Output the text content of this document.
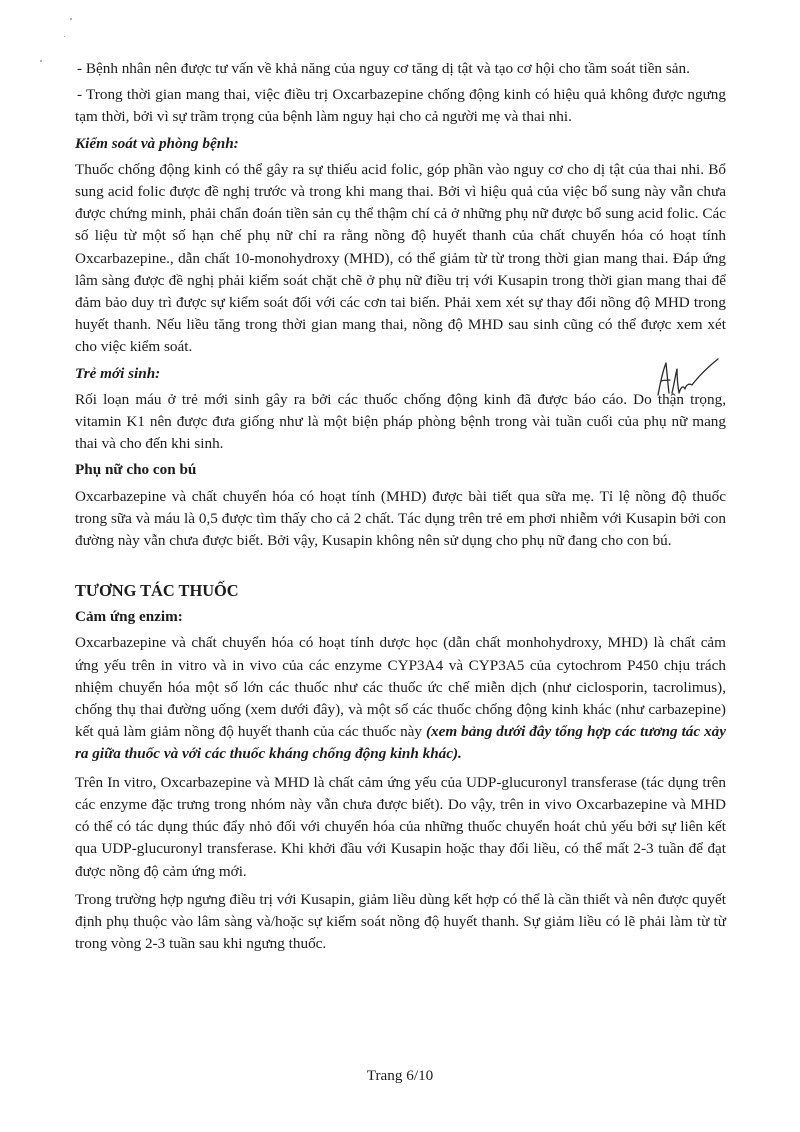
- Bệnh nhân nên được tư vấn về khả năng của nguy cơ tăng dị tật và tạo cơ hội cho tầm soát tiền sản.

- Trong thời gian mang thai, việc điều trị Oxcarbazepine chống động kinh có hiệu quả không được ngưng tạm thời, bởi vì sự trầm trọng của bệnh làm nguy hại cho cả người mẹ và thai nhi.

Kiểm soát và phòng bệnh:

Thuốc chống động kinh có thể gây ra sự thiếu acid folic, góp phần vào nguy cơ cho dị tật của thai nhi. Bổ sung acid folic được đề nghị trước và trong khi mang thai. Bởi vì hiệu quả của việc bổ sung này vẫn chưa được chứng minh, phải chẩn đoán tiền sản cụ thể thậm chí cả ở những phụ nữ được bổ sung acid folic. Các số liệu từ một số hạn chế phụ nữ chỉ ra rằng nồng độ huyết thanh của chất chuyển hóa có hoạt tính Oxcarbazepine., dẫn chất 10-monohydroxy (MHD), có thể giảm từ từ trong thời gian mang thai. Đáp ứng lâm sàng được đề nghị phải kiểm soát chặt chẽ ở phụ nữ điều trị với Kusapin trong thời gian mang thai để đảm bảo duy trì được sự kiểm soát đối với các cơn tai biến. Phải xem xét sự thay đổi nồng độ MHD trong huyết thanh. Nếu liều tăng trong thời gian mang thai, nồng độ MHD sau sinh cũng có thể được xem xét cho việc kiểm soát.

Trẻ mới sinh:

Rối loạn máu ở trẻ mới sinh gây ra bởi các thuốc chống động kinh đã được báo cáo. Do thận trọng, vitamin K1 nên được đưa giống như là một biện pháp phòng bệnh trong vài tuần cuối của phụ nữ mang thai và cho đến khi sinh.

Phụ nữ cho con bú

Oxcarbazepine và chất chuyển hóa có hoạt tính (MHD) được bài tiết qua sữa mẹ. Tỉ lệ nồng độ thuốc trong sữa và máu là 0,5 được tìm thấy cho cả 2 chất. Tác dụng trên trẻ em phơi nhiễm với Kusapin bởi con đường này vẫn chưa được biết. Bởi vậy, Kusapin không nên sử dụng cho phụ nữ đang cho con bú.

TƯƠNG TÁC THUỐC
Cảm ứng enzim:

Oxcarbazepine và chất chuyển hóa có hoạt tính dược học (dẫn chất monhohydroxy, MHD) là chất cảm ứng yếu trên in vitro và in vivo của các enzyme CYP3A4 và CYP3A5 của cytochrom P450 chịu trách nhiệm chuyển hóa một số lớn các thuốc như các thuốc ức chế miễn dịch (như ciclosporin, tacrolimus), chống thụ thai đường uống (xem dưới đây), và một số các thuốc chống động kinh khác (như carbazepine) kết quả làm giảm nồng độ huyết thanh của các thuốc này (xem bảng dưới đây tổng hợp các tương tác xảy ra giữa thuốc và với các thuốc kháng chống động kinh khác).

Trên In vitro, Oxcarbazepine và MHD là chất cảm ứng yếu của UDP-glucuronyl transferase (tác dụng trên các enzyme đặc trưng trong nhóm này vẫn chưa được biết). Do vậy, trên in vivo Oxcarbazepine và MHD có thể có tác dụng thúc đẩy nhỏ đối với chuyển hóa của những thuốc chuyển hoát chủ yếu bởi sự liên kết qua UDP-glucuronyl transferase. Khi khởi đầu với Kusapin hoặc thay đổi liều, có thể mất 2-3 tuần để đạt được nồng độ cảm ứng mới.

Trong trường hợp ngưng điều trị với Kusapin, giảm liều dùng kết hợp có thể là cần thiết và nên được quyết định phụ thuộc vào lâm sàng và/hoặc sự kiểm soát nồng độ huyết thanh. Sự giảm liều có lẽ phải làm từ từ trong vòng 2-3 tuần sau khi ngưng thuốc.

Trang 6/10
